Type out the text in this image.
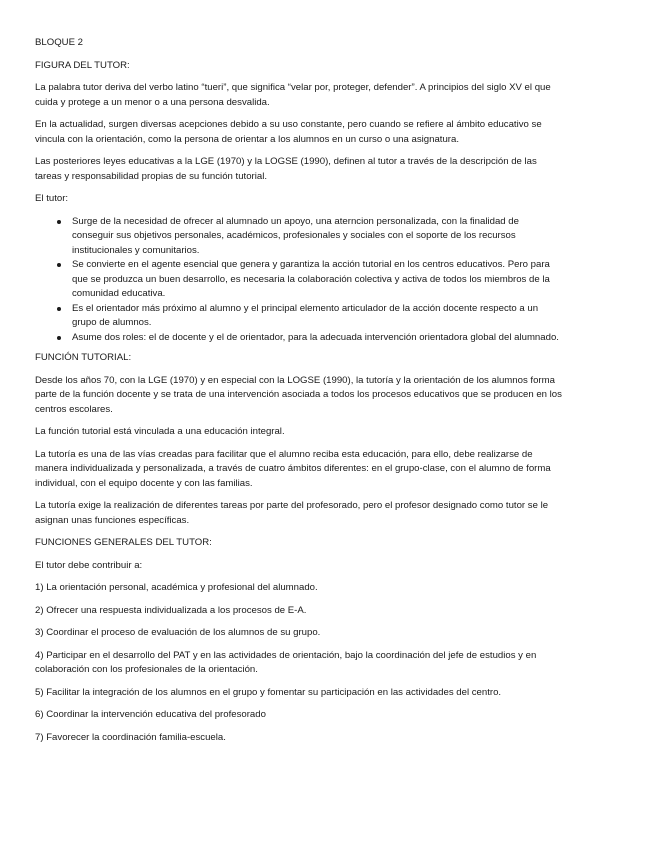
BLOQUE 2

FIGURA DEL TUTOR:

La palabra tutor deriva del verbo latino “tueri”, que significa “velar por, proteger, defender”. A principios del siglo XV el que cuida y protege a un menor o a una persona desvalida.

En la actualidad, surgen diversas acepciones debido a su uso constante, pero cuando se refiere al ámbito educativo se vincula con la orientación, como la persona de orientar a los alumnos en un curso o una asignatura.

Las posteriores leyes educativas a la LGE (1970) y la LOGSE (1990), definen al tutor a través de la descripción de las tareas y responsabilidad propias de su función tutorial.

El tutor:

Surge de la necesidad de ofrecer al alumnado un apoyo, una aterncion personalizada, con la finalidad de conseguir sus objetivos personales, académicos, profesionales y sociales con el soporte de los recursos institucionales y comunitarios.
Se convierte en el agente esencial que genera y garantiza la acción tutorial en los centros educativos. Pero para que se produzca un buen desarrollo, es necesaria la colaboración colectiva y activa de todos los miembros de la comunidad educativa.
Es el orientador más próximo al alumno y el principal elemento articulador de la acción docente respecto a un grupo de alumnos.
Asume dos roles: el de docente y el de orientador, para la adecuada intervención orientadora global del alumnado.

FUNCIÓN TUTORIAL:

Desde los años 70, con la LGE (1970) y en especial con la LOGSE (1990), la tutoría y la orientación de los alumnos forma parte de la función docente y se trata de una intervención asociada a todos los procesos educativos que se producen en los centros escolares.

La función tutorial está vinculada a una educación integral.

La tutoría es una de las vías creadas para facilitar que el alumno reciba esta educación, para ello, debe realizarse de manera individualizada y personalizada, a través de cuatro ámbitos diferentes: en el grupo-clase, con el alumno de forma individual, con el equipo docente y con las familias.

La tutoría exige la realización de diferentes tareas por parte del profesorado, pero el profesor designado como tutor se le asignan unas funciones específicas.

FUNCIONES GENERALES DEL TUTOR:

El tutor debe contribuir a:

1) La orientación personal, académica y profesional del alumnado.

2) Ofrecer una respuesta individualizada a los procesos de E-A.

3) Coordinar el proceso de evaluación de los alumnos de su grupo.

4) Participar en el desarrollo del PAT y en las actividades de orientación, bajo la coordinación del jefe de estudios y en colaboración con los profesionales de la orientación.

5) Facilitar la integración de los alumnos en el grupo y fomentar su participación en las actividades del centro.

6) Coordinar la intervención educativa del profesorado

7) Favorecer la coordinación familia-escuela.
